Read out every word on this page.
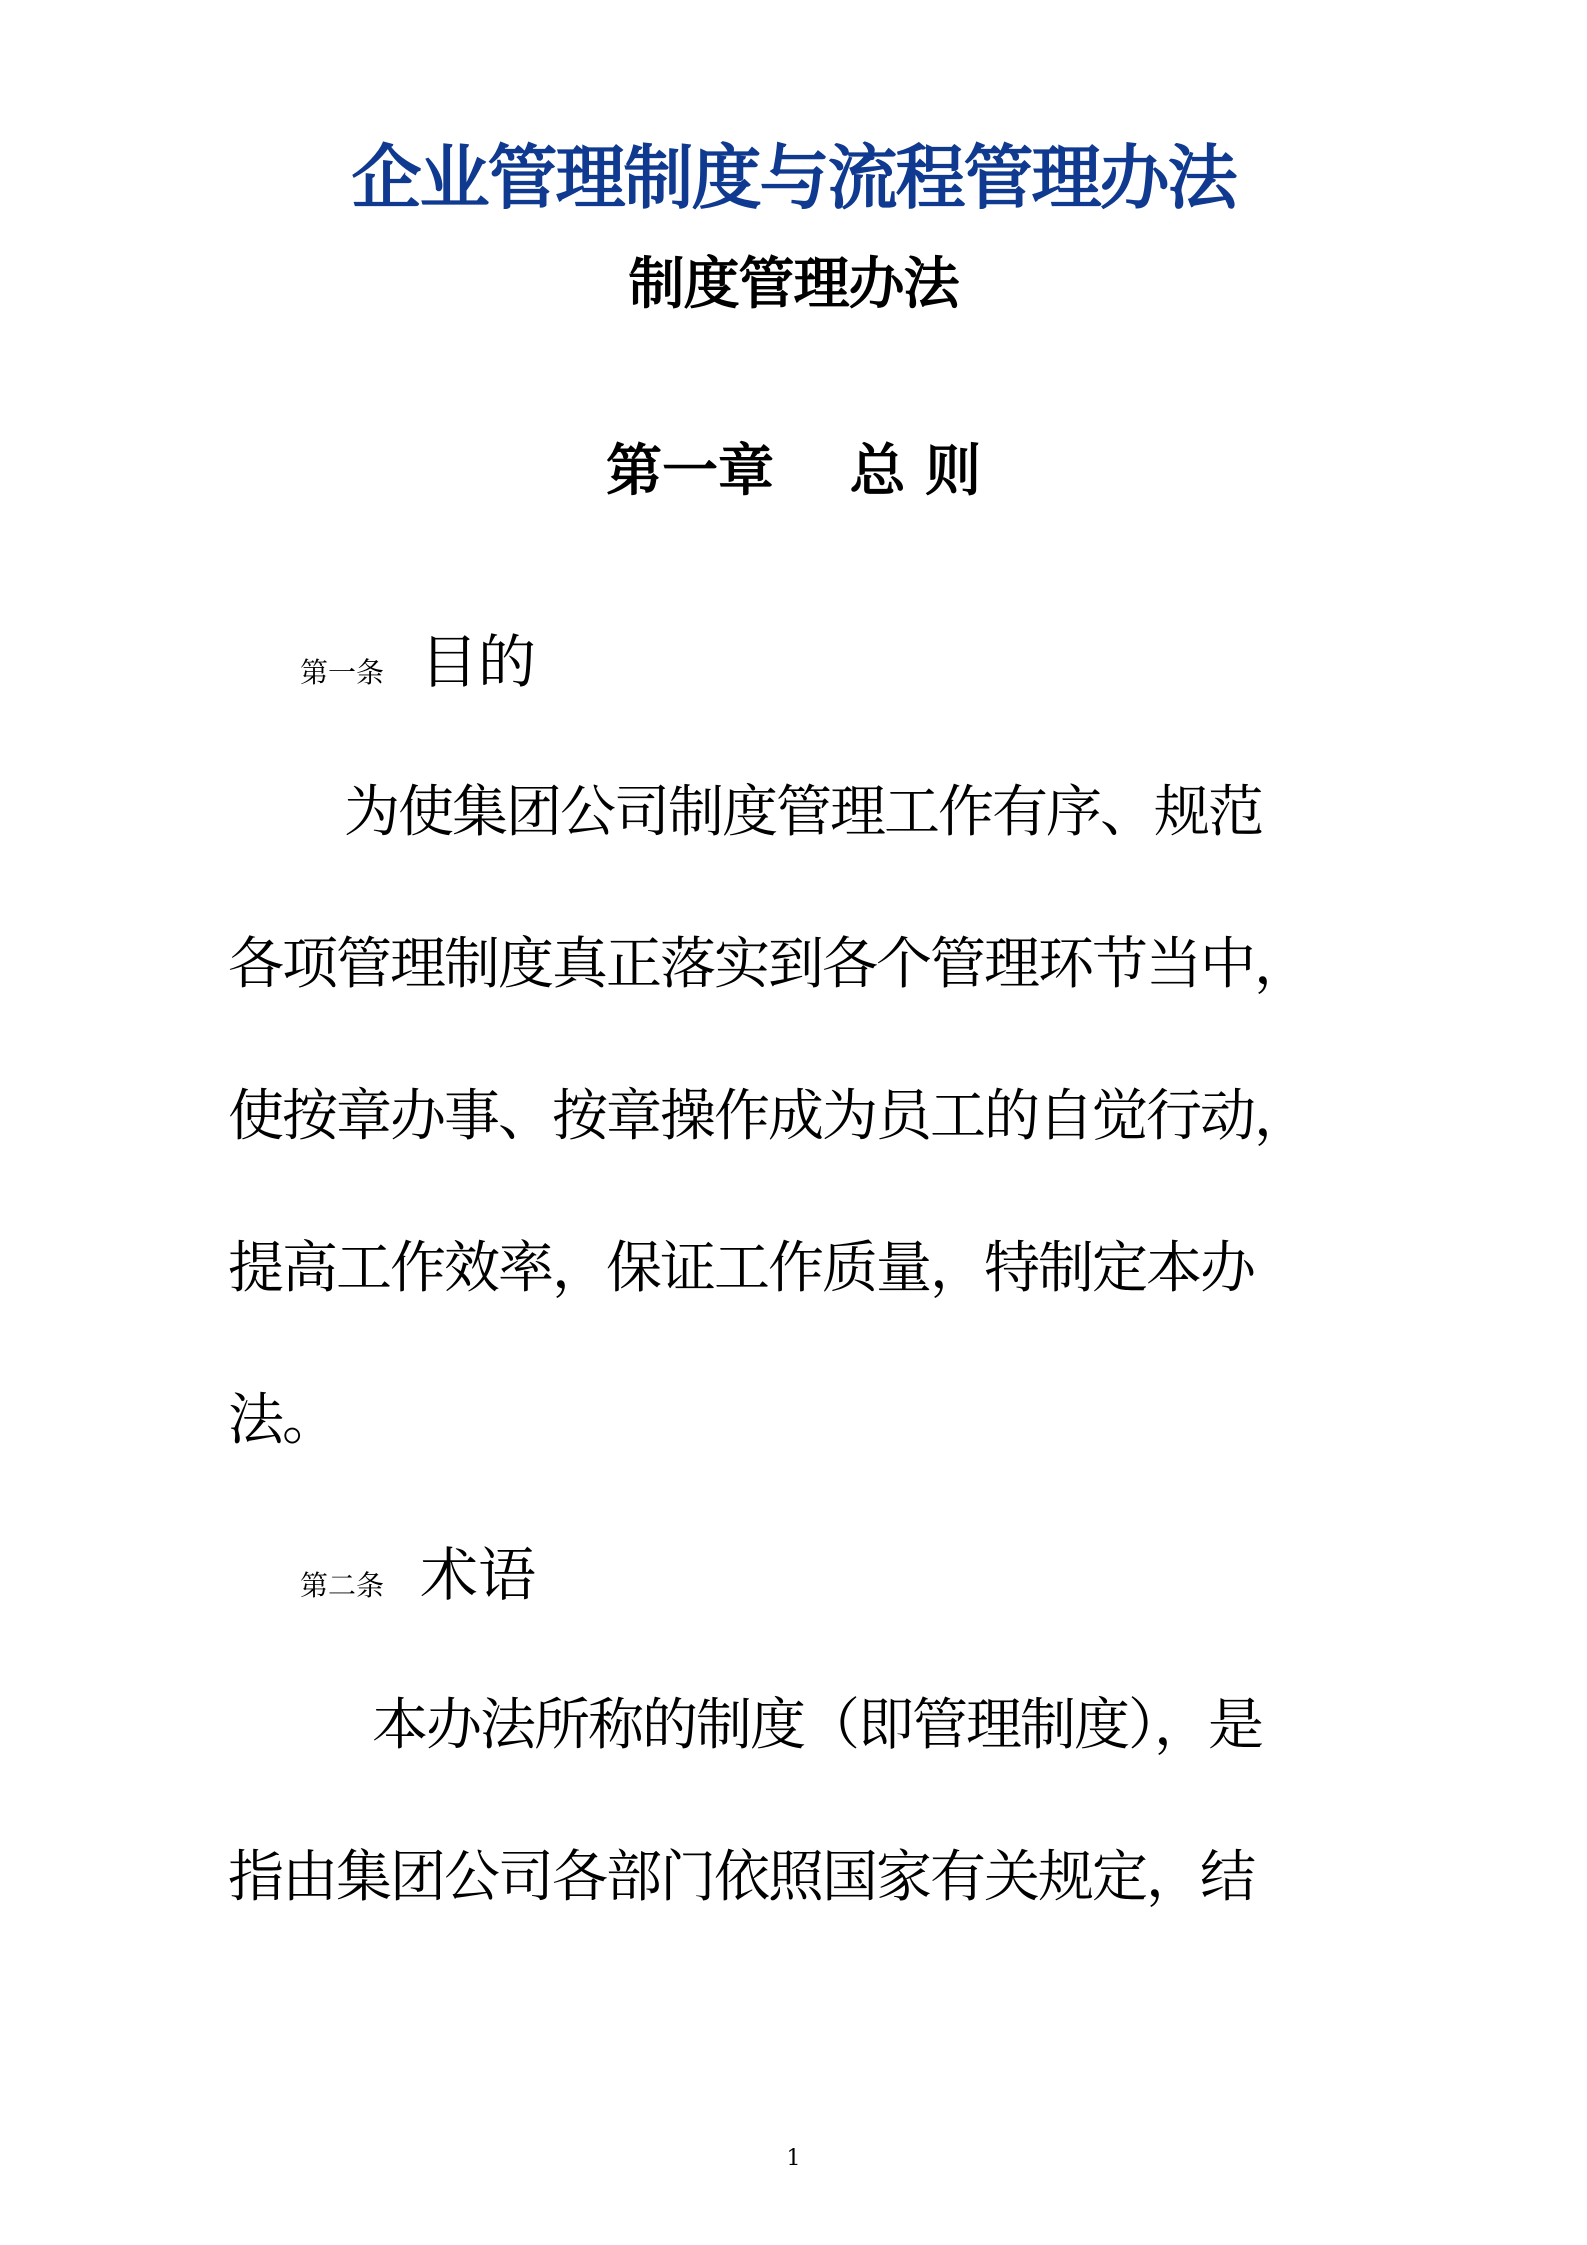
企业管理制度与流程管理办法
制度管理办法
第一章　 总 则
第一条 目的
为使集团公司制度管理工作有序、规范
各项管理制度真正落实到各个管理环节当中，
使按章办事、按章操作成为员工的自觉行动，
提高工作效率，保证工作质量，特制定本办
法。
第二条 术语
本办法所称的制度（即管理制度），是
指由集团公司各部门依照国家有关规定，结
1
